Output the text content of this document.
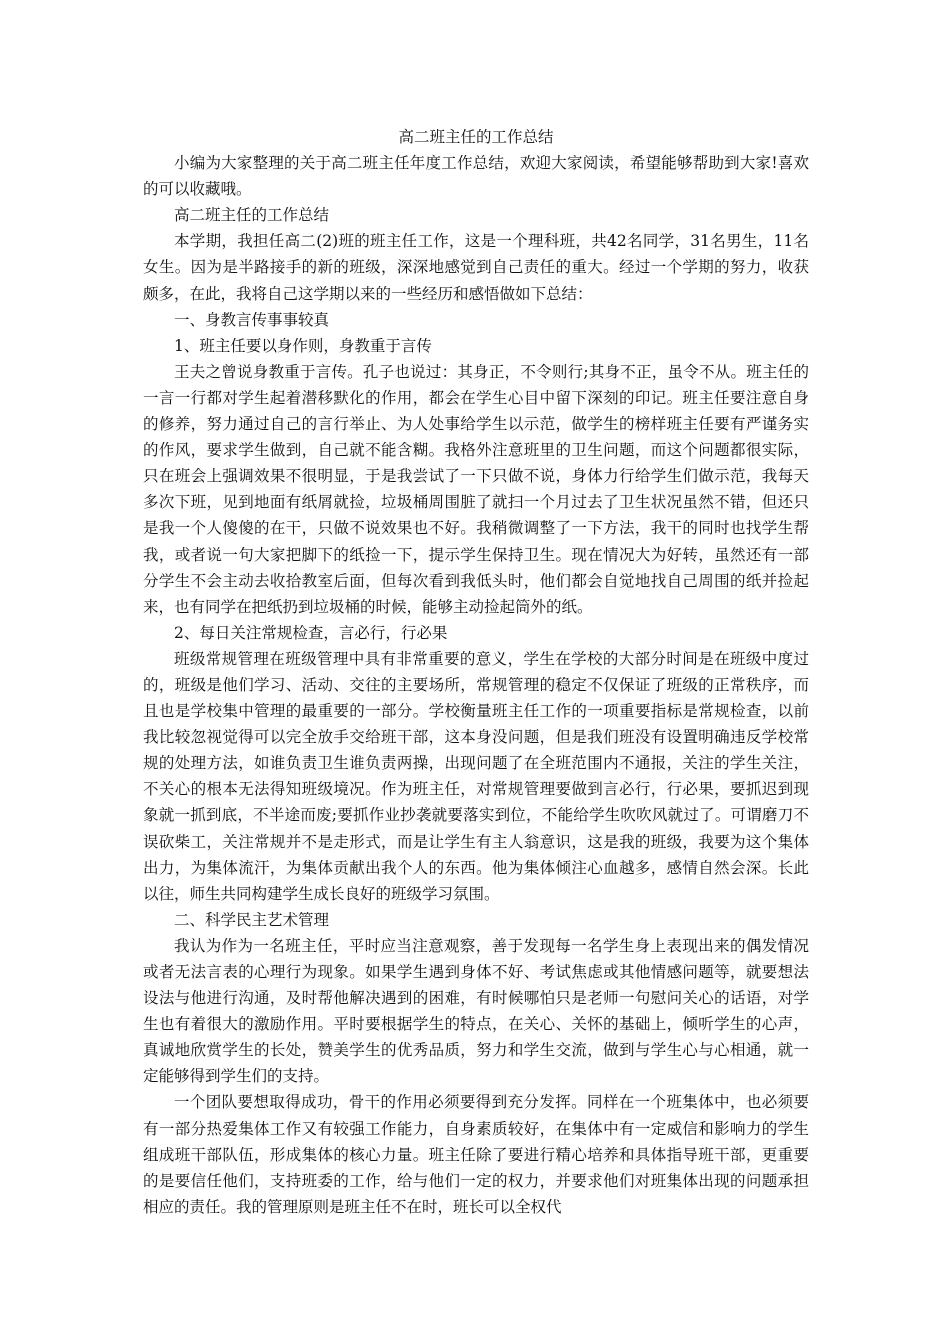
高二班主任的工作总结

小编为大家整理的关于高二班主任年度工作总结，欢迎大家阅读，希望能够帮助到大家!喜欢的可以收藏哦。

高二班主任的工作总结

本学期，我担任高二(2)班的班主任工作，这是一个理科班，共42名同学，31名男生，11名女生。因为是半路接手的新的班级，深深地感觉到自己责任的重大。经过一个学期的努力，收获颇多，在此，我将自己这学期以来的一些经历和感悟做如下总结：

一、身教言传事事较真

1、班主任要以身作则，身教重于言传

王夫之曾说身教重于言传。孔子也说过：其身正，不令则行;其身不正，虽令不从。班主任的一言一行都对学生起着潜移默化的作用，都会在学生心目中留下深刻的印记。班主任要注意自身的修养，努力通过自己的言行举止、为人处事给学生以示范，做学生的榜样班主任要有严谨务实的作风，要求学生做到，自己就不能含糊。我格外注意班里的卫生问题，而这个问题都很实际，只在班会上强调效果不很明显，于是我尝试了一下只做不说，身体力行给学生们做示范，我每天多次下班，见到地面有纸屑就捡，垃圾桶周围脏了就扫一个月过去了卫生状况虽然不错，但还只是我一个人傻傻的在干，只做不说效果也不好。我稍微调整了一下方法，我干的同时也找学生帮我，或者说一句大家把脚下的纸捡一下，提示学生保持卫生。现在情况大为好转，虽然还有一部分学生不会主动去收拾教室后面，但每次看到我低头时，他们都会自觉地找自己周围的纸并捡起来，也有同学在把纸扔到垃圾桶的时候，能够主动捡起筒外的纸。

2、每日关注常规检查，言必行，行必果

班级常规管理在班级管理中具有非常重要的意义，学生在学校的大部分时间是在班级中度过的，班级是他们学习、活动、交往的主要场所，常规管理的稳定不仅保证了班级的正常秩序，而且也是学校集中管理的最重要的一部分。学校衡量班主任工作的一项重要指标是常规检查，以前我比较忽视觉得可以完全放手交给班干部，这本身没问题，但是我们班没有设置明确违反学校常规的处理方法，如谁负责卫生谁负责两操，出现问题了在全班范围内不通报，关注的学生关注，不关心的根本无法得知班级境况。作为班主任，对常规管理要做到言必行，行必果，要抓迟到现象就一抓到底，不半途而废;要抓作业抄袭就要落实到位，不能给学生吹吹风就过了。可谓磨刀不误砍柴工，关注常规并不是走形式，而是让学生有主人翁意识，这是我的班级，我要为这个集体出力，为集体流汗，为集体贡献出我个人的东西。他为集体倾注心血越多，感情自然会深。长此以往，师生共同构建学生成长良好的班级学习氛围。

二、科学民主艺术管理

我认为作为一名班主任，平时应当注意观察，善于发现每一名学生身上表现出来的偶发情况或者无法言表的心理行为现象。如果学生遇到身体不好、考试焦虑或其他情感问题等，就要想法设法与他进行沟通，及时帮他解决遇到的困难，有时候哪怕只是老师一句慰问关心的话语，对学生也有着很大的激励作用。平时要根据学生的特点，在关心、关怀的基础上，倾听学生的心声，真诚地欣赏学生的长处，赞美学生的优秀品质，努力和学生交流，做到与学生心与心相通，就一定能够得到学生们的支持。

一个团队要想取得成功，骨干的作用必须要得到充分发挥。同样在一个班集体中，也必须要有一部分热爱集体工作又有较强工作能力，自身素质较好，在集体中有一定威信和影响力的学生组成班干部队伍，形成集体的核心力量。班主任除了要进行精心培养和具体指导班干部，更重要的是要信任他们，支持班委的工作，给与他们一定的权力，并要求他们对班集体出现的问题承担相应的责任。我的管理原则是班主任不在时，班长可以全权代
